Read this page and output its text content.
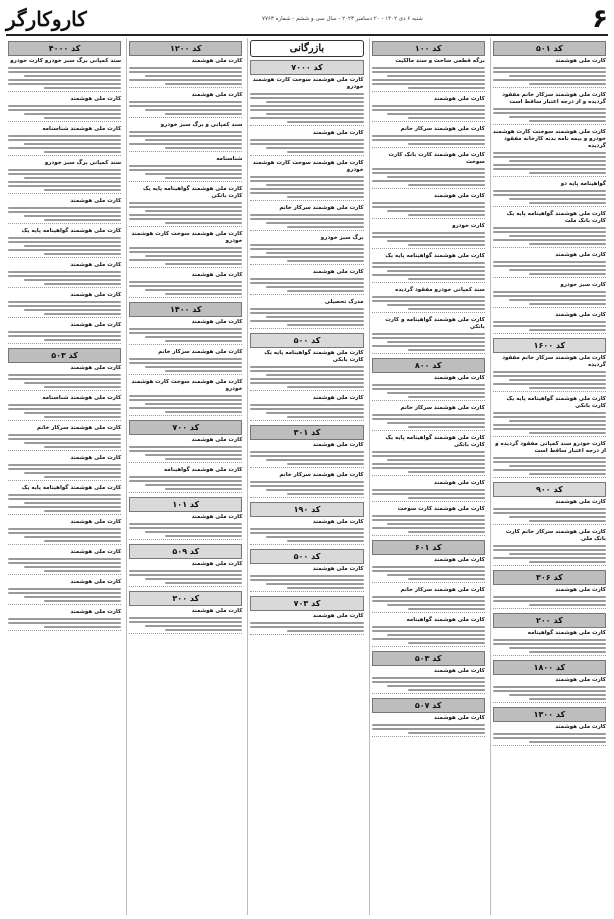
۶
شنبه ۶ دی ۱۴۰۲ - ۲۰ دسامبر ۲۰۲۳ - سال سی و ششم - شماره ۷۷۶۳
کاروکارگر
کد ۵۰۱
کارت ملی هوشمند
کارت ملی هوشمند سرکار خانم مفقود گردیده و از درجه اعتبار ساقط است
کارت ملی هوشمند سوختت کارت هوشمند خودرو و بیمه نامه بدنه کارخانه مفقود گردیده
گواهینامه پایه دو
کارت ملی هوشمند گواهینامه پایه یک کارت بانک ملت
کارت ملی هوشمند
کارت سبز خودرو
کارت ملی هوشمند
کد ۱۶۰۰
کارت ملی هوشمند سرکار خانم مفقود گردیده
کارت ملی هوشمند گواهینامه پایه یک کارت بانکی
کارت خودرو سند کمپانی مفقود گردیده و از درجه اعتبار ساقط است
کد ۹۰۰
کارت ملی هوشمند
کارت ملی هوشمند سرکار خانم کارت بانک ملی
کد ۳۰۶
کارت ملی هوشمند
کد ۲۰۰
کارت ملی هوشمند گواهینامه
کد ۱۸۰۰
کارت ملی هوشمند
کد ۱۳۰۰
کارت ملی هوشمند
کد ۱۰۰
برگه قطعی ساخت و سند مالکیت
کارت ملی هوشمند
کارت ملی هوشمند سرکار خانم
کارت ملی هوشمند کارت بانک کارت سوخت
کارت ملی هوشمند
کارت خودرو
کارت ملی هوشمند گواهینامه پایه یک
سند کمپانی خودرو مفقود گردیده
کارت ملی هوشمند گواهینامه و کارت بانکی
کد ۸۰۰
کارت ملی هوشمند
کارت ملی هوشمند سرکار خانم
کارت ملی هوشمند گواهینامه پایه یک کارت بانکی
کارت ملی هوشمند
کارت ملی هوشمند کارت سوخت
کد ۶۰۱
کارت ملی هوشمند
کارت ملی هوشمند سرکار خانم
کارت ملی هوشمند گواهینامه
کد ۵۰۳
کارت ملی هوشمند
کد ۵۰۷
کارت ملی هوشمند
بازرگانی
کد ۷۰۰۰
کارت ملی هوشمند سوخت کارت هوشمند خودرو
کارت ملی هوشمند
کارت ملی هوشمند سوخت کارت هوشمند خودرو
کارت ملی هوشمند سرکار خانم
برگ سبز خودرو
کارت ملی هوشمند
مدرک تحصیلی
کد ۵۰۰
کارت ملی هوشمند گواهینامه پایه یک کارت بانکی
کارت ملی هوشمند
کد ۳۰۱
کارت ملی هوشمند
کارت ملی هوشمند سرکار خانم
کد ۱۹۰
کارت ملی هوشمند
کد ۵۰۰
کارت ملی هوشمند
کد ۷۰۳
کارت ملی هوشمند
کد ۱۲۰۰
کارت ملی هوشمند
کارت ملی هوشمند
سند کمپانی و برگ سبز خودرو
شناسنامه
کارت ملی هوشمند گواهینامه پایه یک کارت بانکی
کارت ملی هوشمند سوخت کارت هوشمند خودرو
کارت ملی هوشمند
کد ۱۴۰۰
کارت ملی هوشمند
کارت ملی هوشمند سرکار خانم
کارت ملی هوشمند سوخت کارت هوشمند خودرو
کد ۷۰۰
کارت ملی هوشمند
کارت ملی هوشمند گواهینامه
کد ۱۰۱
کارت ملی هوشمند
کد ۵۰۹
کارت ملی هوشمند
کد ۳۰۰
کارت ملی هوشمند
کد ۴۰۰۰
سند کمپانی برگ سبز خودرو کارت خودرو
کارت ملی هوشمند
کارت ملی هوشمند شناسنامه
سند کمپانی برگ سبز خودرو
کارت ملی هوشمند
کارت ملی هوشمند گواهینامه پایه یک
کارت ملی هوشمند
کارت ملی هوشمند
کارت ملی هوشمند
کد ۵۰۳
کارت ملی هوشمند
کارت ملی هوشمند شناسنامه
کارت ملی هوشمند سرکار خانم
کارت ملی هوشمند
کارت ملی هوشمند گواهینامه پایه یک
کارت ملی هوشمند
کارت ملی هوشمند
کارت ملی هوشمند
کارت ملی هوشمند
